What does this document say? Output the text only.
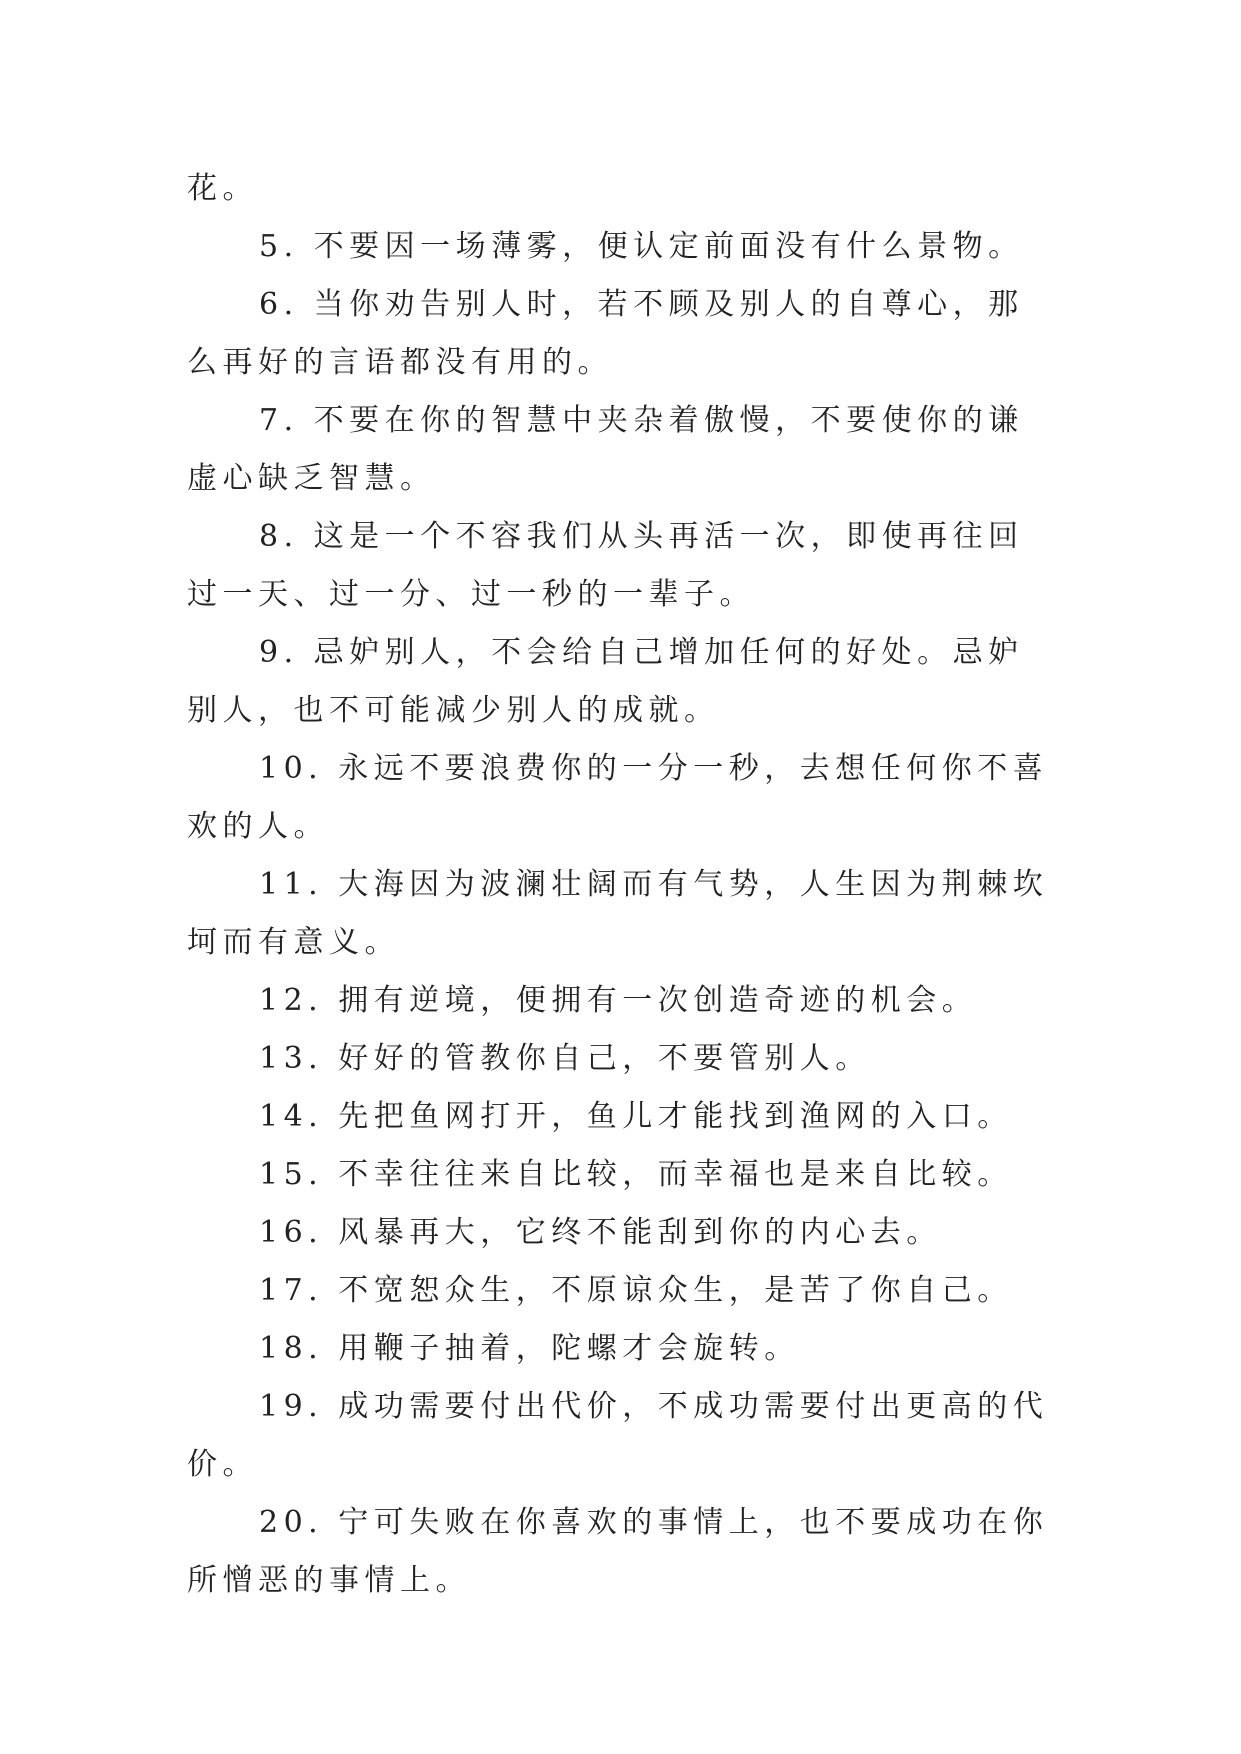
花。

5. 不要因一场薄雾，便认定前面没有什么景物。

6. 当你劝告别人时，若不顾及别人的自尊心，那么再好的言语都没有用的。

7. 不要在你的智慧中夹杂着傲慢，不要使你的谦虚心缺乏智慧。

8. 这是一个不容我们从头再活一次，即使再往回过一天、过一分、过一秒的一辈子。

9. 忌妒别人，不会给自己增加任何的好处。忌妒别人，也不可能减少别人的成就。

10. 永远不要浪费你的一分一秒，去想任何你不喜欢的人。

11. 大海因为波澜壮阔而有气势，人生因为荆棘坎坷而有意义。

12. 拥有逆境，便拥有一次创造奇迹的机会。

13. 好好的管教你自己，不要管别人。

14. 先把鱼网打开，鱼儿才能找到渔网的入口。

15. 不幸往往来自比较，而幸福也是来自比较。

16. 风暴再大，它终不能刮到你的内心去。

17. 不宽恕众生，不原谅众生，是苦了你自己。

18. 用鞭子抽着，陀螺才会旋转。

19. 成功需要付出代价，不成功需要付出更高的代价。

20. 宁可失败在你喜欢的事情上，也不要成功在你所憎恶的事情上。
